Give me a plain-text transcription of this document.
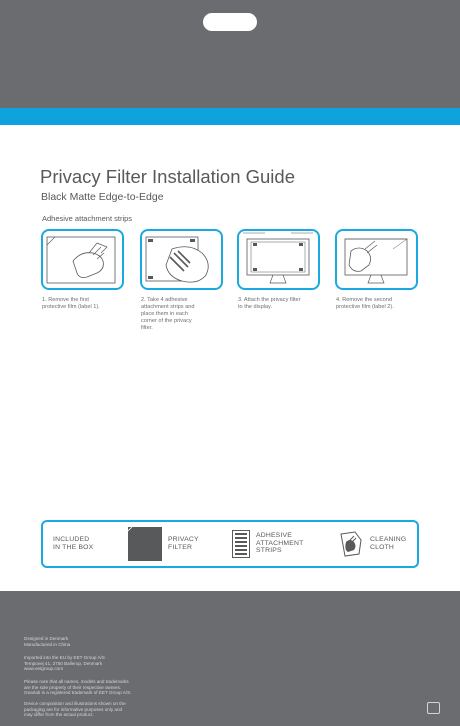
Privacy Filter Installation Guide
Black Matte Edge-to-Edge
Adhesive attachment strips
1. Remove the first
protective film (label 1).
2. Take 4 adhesive
attachment strips and
place them in each
corner of the privacy
filter.
3. Attach the privacy filter
to the display.
4. Remove the second
protective film (label 2).
INCLUDED
IN THE BOX
PRIVACY
FILTER
ADHESIVE
ATTACHMENT
STRIPS
CLEANING
CLOTH
Designed in Denmark
Manufactured in China
Imported into the EU by EET Group A/S
Tempovej 41, 2750 Ballerup, Denmark
www.eetgroup.com
Please note that all names, models and trademarks
are the sole property of their respective owners.
Gearlab is a registered trademark of EET Group A/S.
Device composition and illustrations shown on the
packaging are for informative purposes only and
may differ from the actual product.
